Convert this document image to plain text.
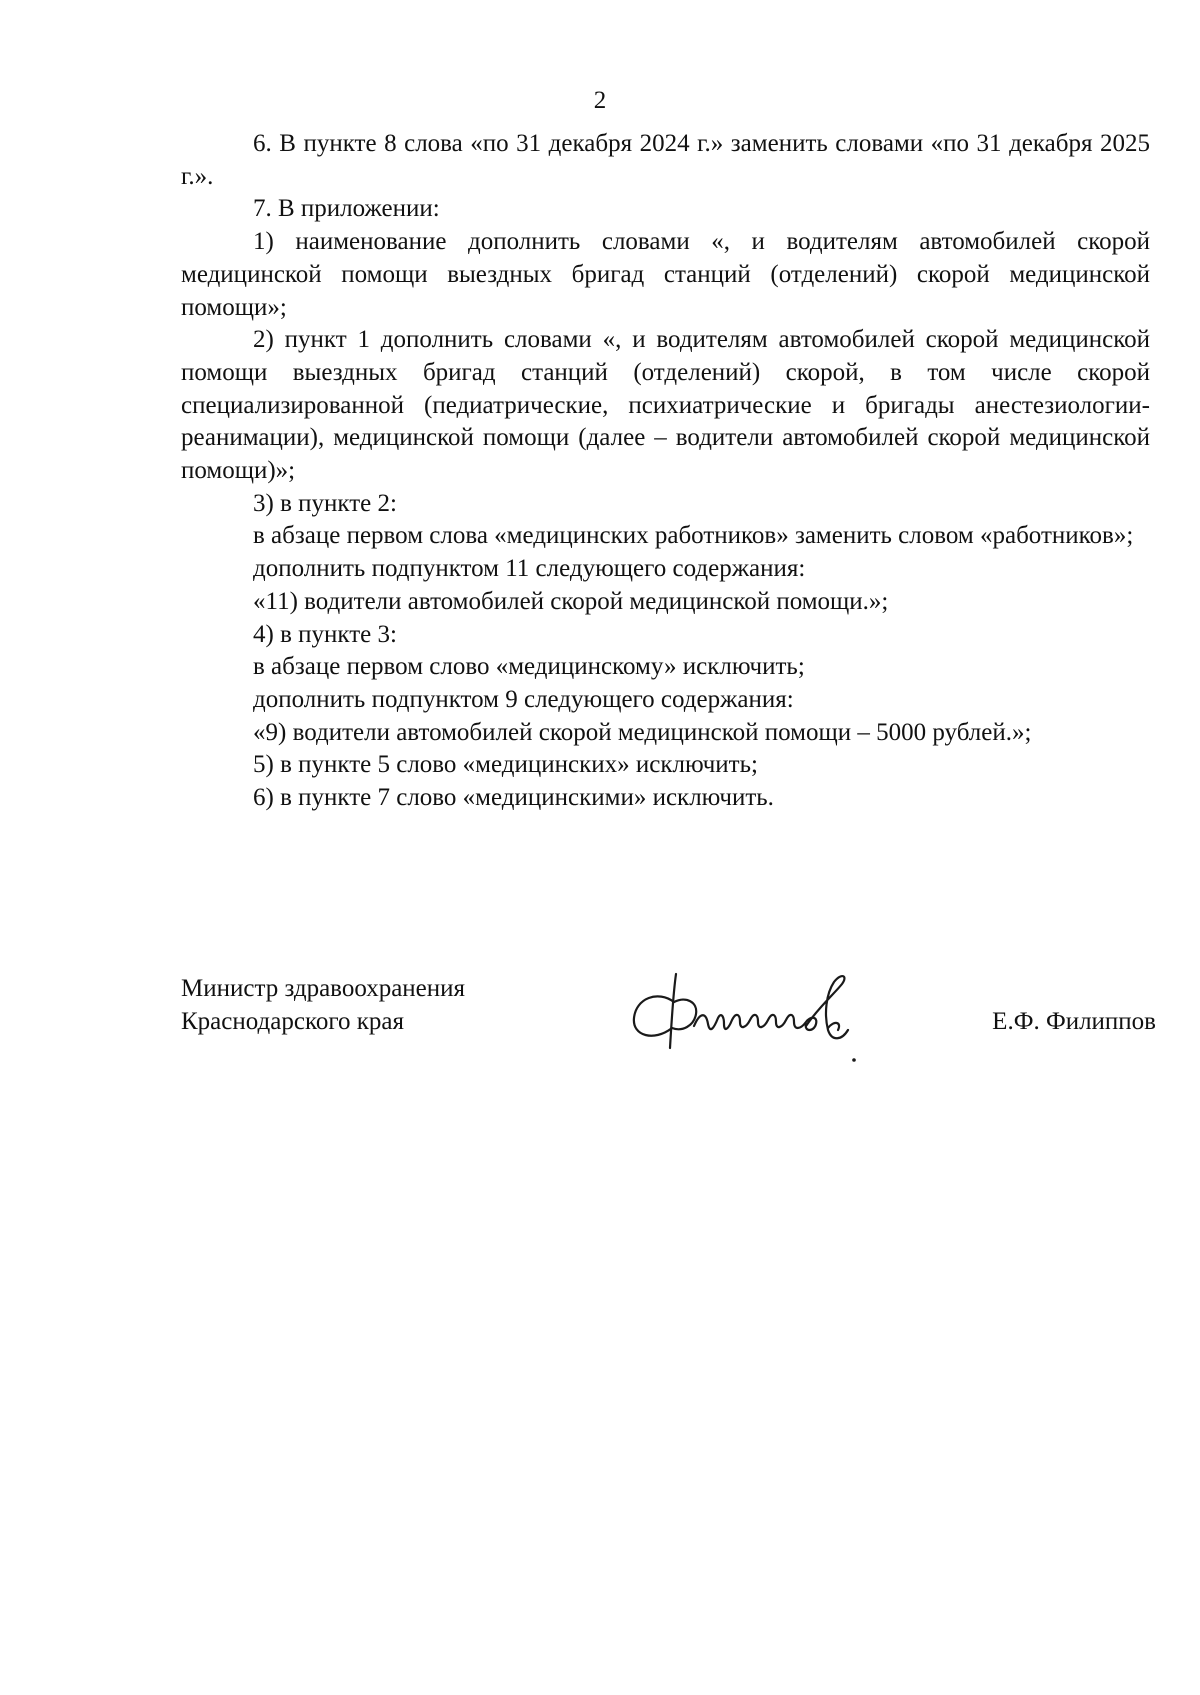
2

6. В пункте 8 слова «по 31 декабря 2024 г.» заменить словами «по 31 декабря 2025 г.».

7. В приложении:

1) наименование дополнить словами «, и водителям автомобилей скорой медицинской помощи выездных бригад станций (отделений) скорой медицинской помощи»;

2) пункт 1 дополнить словами «, и водителям автомобилей скорой медицинской помощи выездных бригад станций (отделений) скорой, в том числе скорой специализированной (педиатрические, психиатрические и бригады анестезиологии-реанимации), медицинской помощи (далее – водители автомобилей скорой медицинской помощи)»;

3) в пункте 2:

в абзаце первом слова «медицинских работников» заменить словом «работников»;

дополнить подпунктом 11 следующего содержания:

«11) водители автомобилей скорой медицинской помощи.»;

4) в пункте 3:

в абзаце первом слово «медицинскому» исключить;

дополнить подпунктом 9 следующего содержания:

«9) водители автомобилей скорой медицинской помощи – 5000 рублей.»;

5) в пункте 5 слово «медицинских» исключить;

6) в пункте 7 слово «медицинскими» исключить.

Министр здравоохранения
Краснодарского края	Е.Ф. Филиппов
